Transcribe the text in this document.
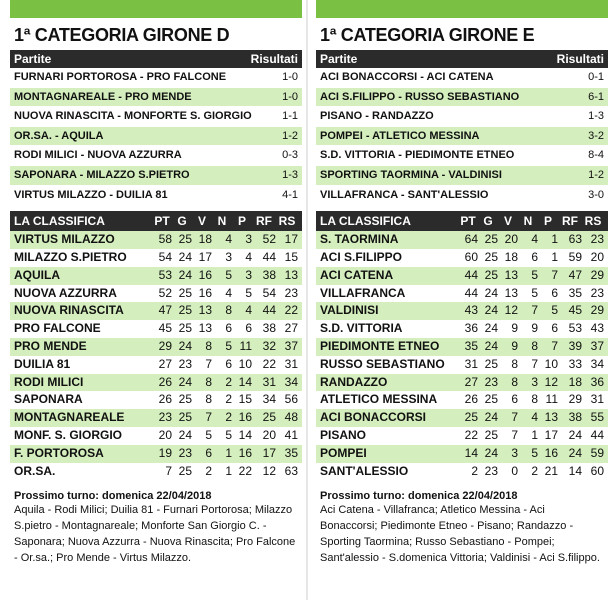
1ª CATEGORIA GIRONE D
Partite	Risultati
FURNARI PORTOROSA - PRO FALCONE	1-0
MONTAGNAREALE - PRO MENDE	1-0
NUOVA RINASCITA - MONFORTE S. GIORGIO	1-1
OR.SA. - AQUILA	1-2
RODI MILICI - NUOVA AZZURRA	0-3
SAPONARA - MILAZZO S.PIETRO	1-3
VIRTUS MILAZZO - DUILIA 81	4-1
LA CLASSIFICA	PT G V N P RF RS
VIRTUS MILAZZO	58 25 18	4	3 52 17
MILAZZO S.PIETRO	54 24 17	3	4 44 15
AQUILA	53 24 16	5	3 38 13
NUOVA AZZURRA	52 25 16	4	5 54 23
NUOVA RINASCITA	47 25 13	8	4 44 22
PRO FALCONE	45 25 13	6	6 38 27
PRO MENDE	29 24	8	5 11 32 37
DUILIA 81	27 23	7	6 10 22 31
RODI MILICI	26 24	8	2 14 31 34
SAPONARA	26 25	8	2 15 34 56
MONTAGNAREALE	23 25	7	2 16 25 48
MONF. S. GIORGIO	20 24	5	5 14 20 41
F. PORTOROSA	19 23	6	1 16 17 35
OR.SA.	7 25	2	1 22 12 63
Prossimo turno: domenica 22/04/2018
Aquila - Rodi Milici; Duilia 81 - Furnari Portorosa; Milazzo S.pietro - Montagnareale; Monforte San Giorgio C. - Saponara; Nuova Azzurra - Nuova Rinascita; Pro Falcone - Or.sa.; Pro Mende - Virtus Milazzo.
1ª CATEGORIA GIRONE E
Partite	Risultati
ACI BONACCORSI - ACI CATENA	0-1
ACI S.FILIPPO - RUSSO SEBASTIANO	6-1
PISANO - RANDAZZO	1-3
POMPEI - ATLETICO MESSINA	3-2
S.D. VITTORIA - PIEDIMONTE ETNEO	8-4
SPORTING TAORMINA - VALDINISI	1-2
VILLAFRANCA - SANT'ALESSIO	3-0
LA CLASSIFICA	PT G V N P RF RS
S. TAORMINA	64 25 20	4	1 63 23
ACI S.FILIPPO	60 25 18	6	1 59 20
ACI CATENA	44 25 13	5	7 47 29
VILLAFRANCA	44 24 13	5	6 35 23
VALDINISI	43 24 12	7	5 45 29
S.D. VITTORIA	36 24	9	9	6 53 43
PIEDIMONTE ETNEO	35 24	9	8	7 39 37
RUSSO SEBASTIANO	31 25	8	7 10 33 34
RANDAZZO	27 23	8	3 12 18 36
ATLETICO MESSINA	26 25	6	8 11 29 31
ACI BONACCORSI	25 24	7	4 13 38 55
PISANO	22 25	7	1 17 24 44
POMPEI	14 24	3	5 16 24 59
SANT'ALESSIO	2 23	0	2 21 14 60
Prossimo turno: domenica 22/04/2018
Aci Catena - Villafranca; Atletico Messina - Aci Bonaccorsi; Piedimonte Etneo - Pisano; Randazzo - Sporting Taormina; Russo Sebastiano - Pompei; Sant'alessio - S.domenica Vittoria; Valdinisi - Aci S.filippo.
